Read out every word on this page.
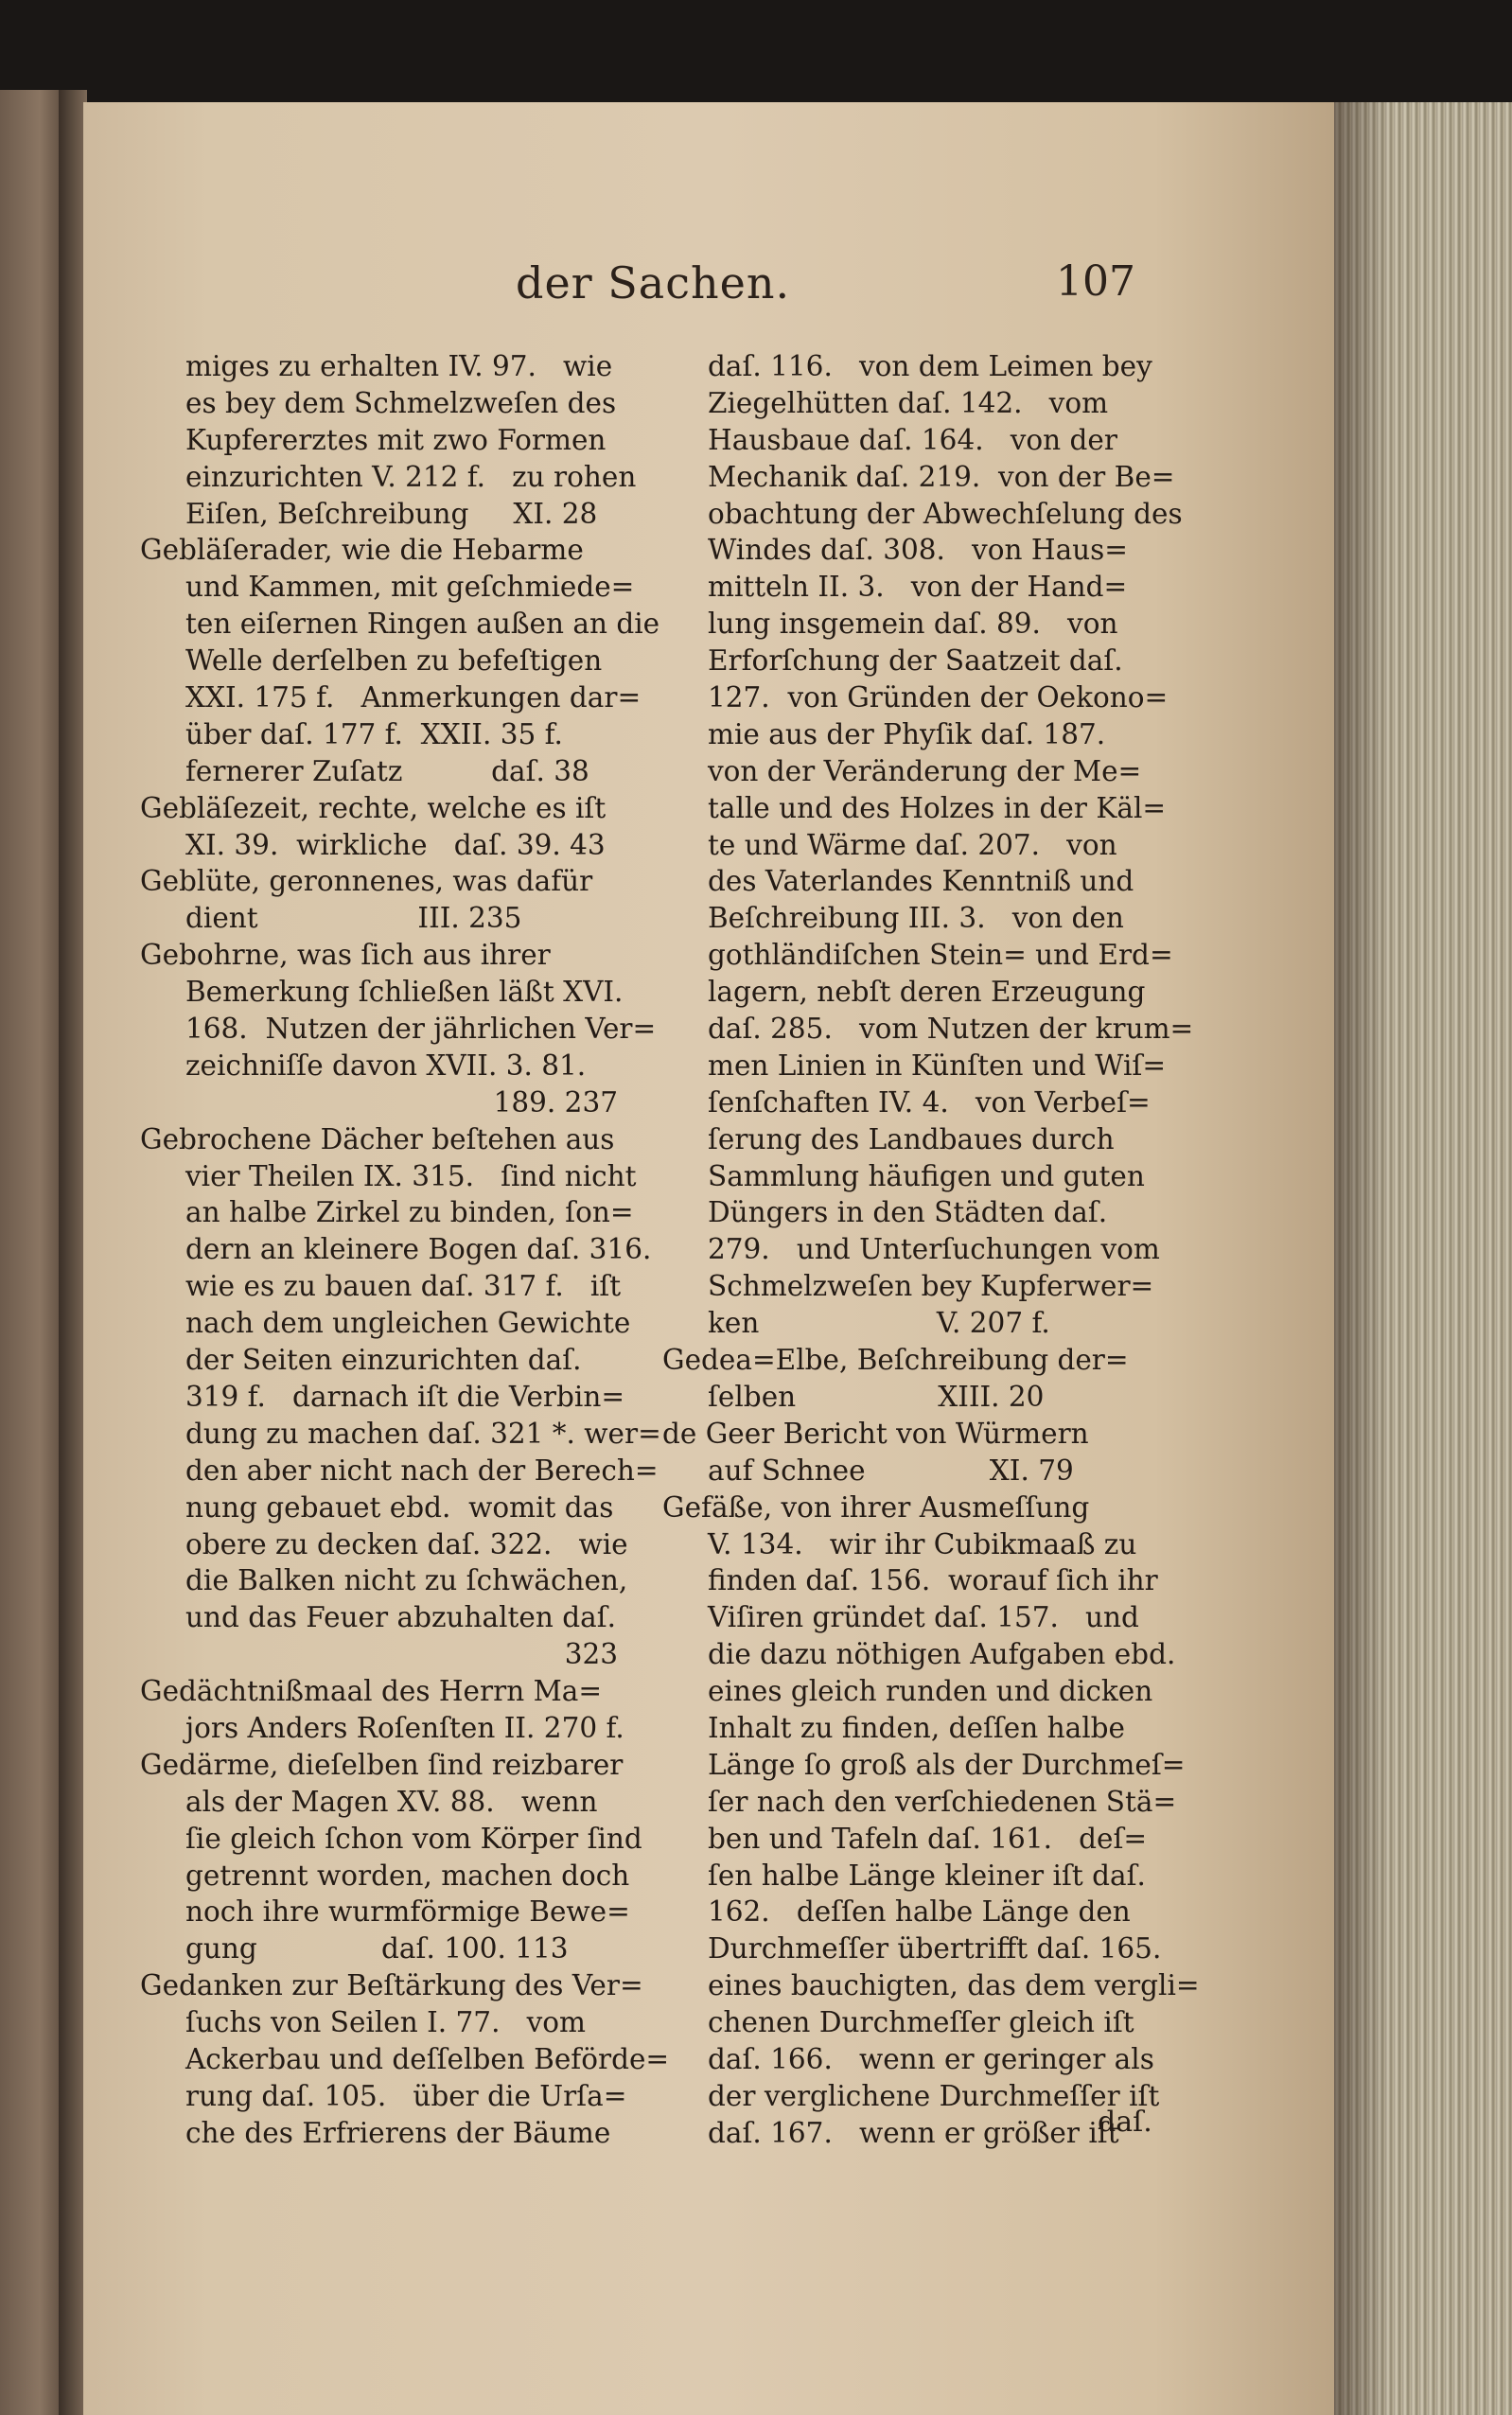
der Sachen.	107
miges zu erhalten IV. 97.   wie
es bey dem Schmelzweſen des
Kupfererztes mit zwo Formen
einzurichten V. 212 f.   zu rohen
Eiſen, Beſchreibung     XI. 28
Gebläſerader, wie die Hebarme
und Kammen, mit geſchmiede=
ten eiſernen Ringen außen an die
Welle derſelben zu befeſtigen
XXI. 175 f.   Anmerkungen dar=
über daſ. 177 f.  XXII. 35 f.
fernerer Zuſatz          daſ. 38
Gebläſezeit, rechte, welche es iſt
XI. 39.  wirkliche   daſ. 39. 43
Geblüte, geronnenes, was dafür
dient                  III. 235
Gebohrne, was ſich aus ihrer
Bemerkung ſchließen läßt XVI.
168.  Nutzen der jährlichen Ver=
zeichniſſe davon XVII. 3. 81.
189. 237
Gebrochene Dächer beſtehen aus
vier Theilen IX. 315.   ſind nicht
an halbe Zirkel zu binden, ſon=
dern an kleinere Bogen daſ. 316.
wie es zu bauen daſ. 317 f.   iſt
nach dem ungleichen Gewichte
der Seiten einzurichten daſ.
319 f.   darnach iſt die Verbin=
dung zu machen daſ. 321 *. wer=
den aber nicht nach der Berech=
nung gebauet ebd.  womit das
obere zu decken daſ. 322.   wie
die Balken nicht zu ſchwächen,
und das Feuer abzuhalten daſ.
323
Gedächtnißmaal des Herrn Ma=
jors Anders Roſenſten II. 270 f.
Gedärme, dieſelben ſind reizbarer
als der Magen XV. 88.   wenn
ſie gleich ſchon vom Körper ſind
getrennt worden, machen doch
noch ihre wurmförmige Bewe=
gung              daſ. 100. 113
Gedanken zur Beſtärkung des Ver=
ſuchs von Seilen I. 77.   vom
Ackerbau und deſſelben Beförde=
rung daſ. 105.   über die Urſa=
che des Erfrierens der Bäume
daſ. 116.   von dem Leimen bey
Ziegelhütten daſ. 142.   vom
Hausbaue daſ. 164.   von der
Mechanik daſ. 219.  von der Be=
obachtung der Abwechſelung des
Windes daſ. 308.   von Haus=
mitteln II. 3.   von der Hand=
lung insgemein daſ. 89.   von
Erforſchung der Saatzeit daſ.
127.  von Gründen der Oekono=
mie aus der Phyſik daſ. 187.
von der Veränderung der Me=
talle und des Holzes in der Käl=
te und Wärme daſ. 207.   von
des Vaterlandes Kenntniß und
Beſchreibung III. 3.   von den
gothländiſchen Stein= und Erd=
lagern, nebſt deren Erzeugung
daſ. 285.   vom Nutzen der krum=
men Linien in Künſten und Wiſ=
ſenſchaften IV. 4.   von Verbeſ=
ſerung des Landbaues durch
Sammlung häufigen und guten
Düngers in den Städten daſ.
279.   und Unterſuchungen vom
Schmelzweſen bey Kupferwer=
ken                    V. 207 f.
Gedea=Elbe, Beſchreibung der=
ſelben                XIII. 20
de Geer Bericht von Würmern
auf Schnee              XI. 79
Gefäße, von ihrer Ausmeſſung
V. 134.   wir ihr Cubikmaaß zu
finden daſ. 156.  worauf ſich ihr
Viſiren gründet daſ. 157.   und
die dazu nöthigen Aufgaben ebd.
eines gleich runden und dicken
Inhalt zu finden, deſſen halbe
Länge ſo groß als der Durchmeſ=
ſer nach den verſchiedenen Stä=
ben und Tafeln daſ. 161.   deſ=
ſen halbe Länge kleiner iſt daſ.
162.   deſſen halbe Länge den
Durchmeſſer übertrifft daſ. 165.
eines bauchigten, das dem vergli=
chenen Durchmeſſer gleich iſt
daſ. 166.   wenn er geringer als
der verglichene Durchmeſſer iſt
daſ. 167.   wenn er größer iſt
daſ.
